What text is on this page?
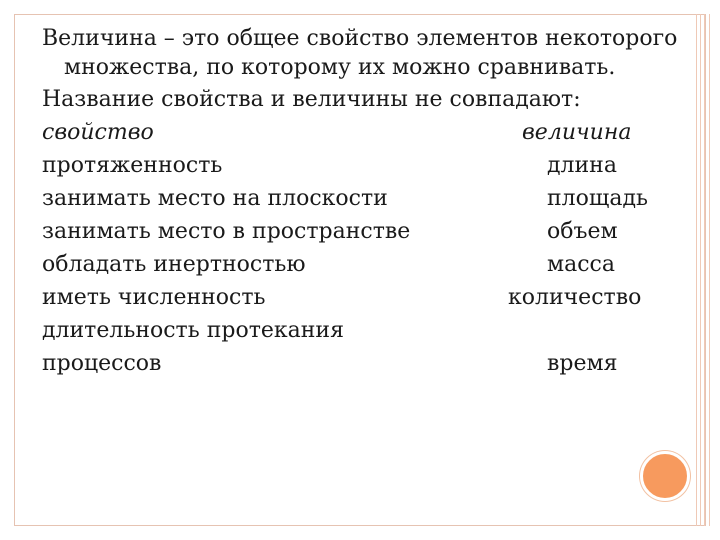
Величина – это общее свойство элементов некоторого множества, по которому их можно сравнивать.
Название свойства и величины не совпадают:
свойство	величина
протяженность	длина
занимать место на плоскости	площадь
занимать место в пространстве	объем
обладать инертностью	масса
иметь численность	количество
длительность протекания
процессов	время
